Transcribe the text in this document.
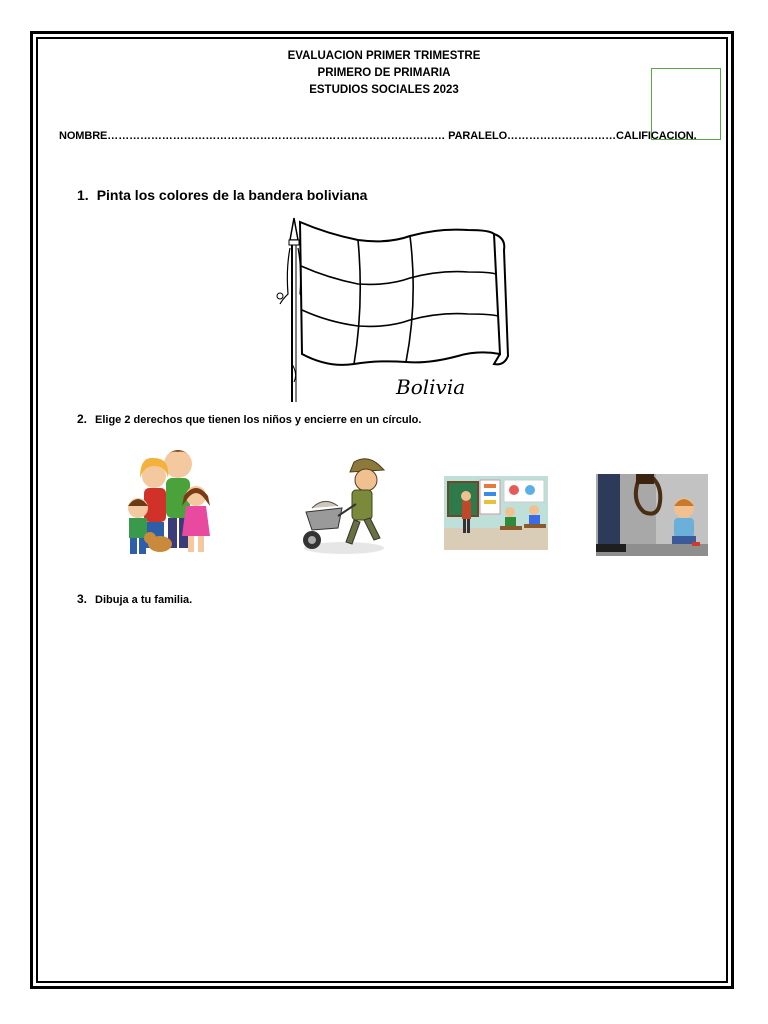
EVALUACION PRIMER TRIMESTRE
PRIMERO DE PRIMARIA
ESTUDIOS SOCIALES 2023
NOMBRE………………………………………………………………………………… PARALELO…………………………CALIFICACION.
1. Pinta los colores de la bandera boliviana
Bolivia
2. Elige 2 derechos que tienen los niños y encierre en un círculo.
3. Dibuja a tu familia.
